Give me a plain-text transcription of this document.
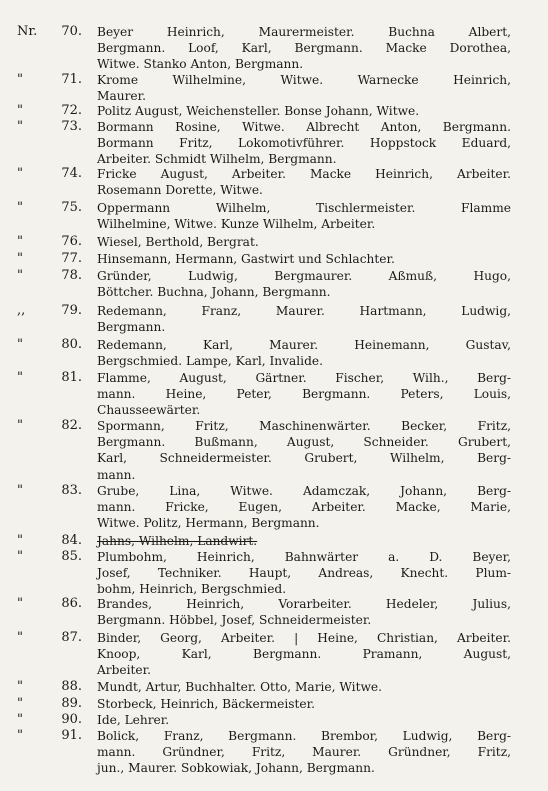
Nr.	70. Beyer Heinrich, Maurermeister. Buchna Albert,
Bergmann. Loof, Karl, Bergmann. Macke Dorothea,
Witwe. Stanko Anton, Bergmann.
"	71. Krome Wilhelmine, Witwe. Warnecke Heinrich,
Maurer.
"	72. Politz August, Weichensteller. Bonse Johann, Witwe.
"	73. Bormann Rosine, Witwe. Albrecht Anton, Bergmann.
Bormann Fritz, Lokomotivführer. Hoppstock Eduard,
Arbeiter. Schmidt Wilhelm, Bergmann.
"	74. Fricke August, Arbeiter. Macke Heinrich, Arbeiter.
Rosemann Dorette, Witwe.
"	75. Oppermann Wilhelm, Tischlermeister. Flamme
Wilhelmine, Witwe. Kunze Wilhelm, Arbeiter.
"	76. Wiesel, Berthold, Bergrat.
"	77. Hinsemann, Hermann, Gastwirt und Schlachter.
"	78. Gründer, Ludwig, Bergmaurer. Aßmuß, Hugo,
Böttcher. Buchna, Johann, Bergmann.
,,	79. Redemann, Franz, Maurer. Hartmann, Ludwig,
Bergmann.
"	80. Redemann, Karl, Maurer. Heinemann, Gustav,
Bergschmied. Lampe, Karl, Invalide.
"	81. Flamme, August, Gärtner. Fischer, Wilh., Berg-
mann. Heine, Peter, Bergmann. Peters, Louis,
Chausseewärter.
"	82. Spormann, Fritz, Maschinenwärter. Becker, Fritz,
Bergmann. Bußmann, August, Schneider. Grubert,
Karl, Schneidermeister. Grubert, Wilhelm, Berg-
mann.
"	83. Grube, Lina, Witwe. Adamczak, Johann, Berg-
mann. Fricke, Eugen, Arbeiter. Macke, Marie,
Witwe. Politz, Hermann, Bergmann.
"	84. Jahns, Wilhelm, Landwirt.
"	85. Plumbohm, Heinrich, Bahnwärter a. D. Beyer,
Josef, Techniker. Haupt, Andreas, Knecht. Plum-
bohm, Heinrich, Bergschmied.
"	86. Brandes, Heinrich, Vorarbeiter. Hedeler, Julius,
Bergmann. Höbbel, Josef, Schneidermeister.
"	87. Binder, Georg, Arbeiter. | Heine, Christian, Arbeiter.
Knoop, Karl, Bergmann. Pramann, August,
Arbeiter.
"	88. Mundt, Artur, Buchhalter. Otto, Marie, Witwe.
"	89. Storbeck, Heinrich, Bäckermeister.
"	90. Ide, Lehrer.
"	91. Bolick, Franz, Bergmann. Brembor, Ludwig, Berg-
mann. Gründner, Fritz, Maurer. Gründner, Fritz,
jun., Maurer. Sobkowiak, Johann, Bergmann.
